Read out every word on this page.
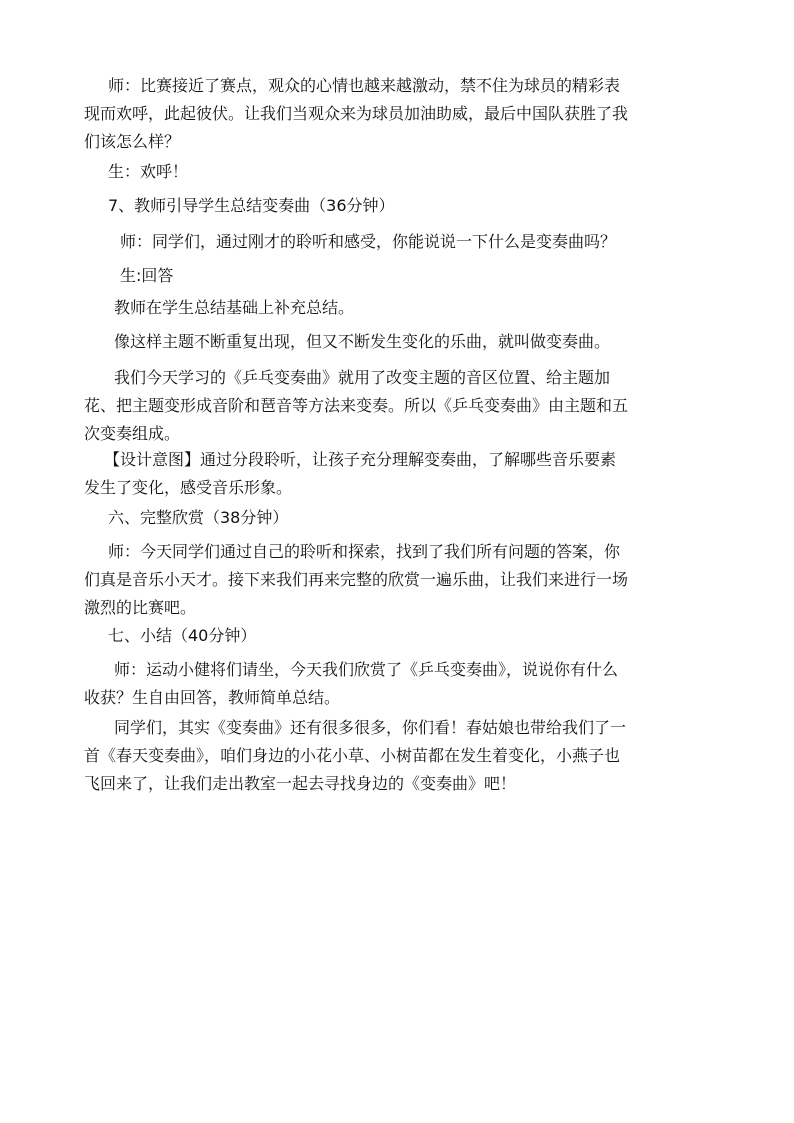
师：比赛接近了赛点，观众的心情也越来越激动，禁不住为球员的精彩表
现而欢呼，此起彼伏。让我们当观众来为球员加油助威，最后中国队获胜了我
们该怎么样？

生：欢呼！

7、教师引导学生总结变奏曲（36分钟）

师：同学们，通过刚才的聆听和感受，你能说说一下什么是变奏曲吗？

生:回答

教师在学生总结基础上补充总结。

像这样主题不断重复出现，但又不断发生变化的乐曲，就叫做变奏曲。

我们今天学习的《乒乓变奏曲》就用了改变主题的音区位置、给主题加
花、把主题变形成音阶和琶音等方法来变奏。所以《乒乓变奏曲》由主题和五
次变奏组成。

【设计意图】通过分段聆听，让孩子充分理解变奏曲，了解哪些音乐要素
发生了变化，感受音乐形象。

六、完整欣赏（38分钟）

师：今天同学们通过自己的聆听和探索，找到了我们所有问题的答案，你
们真是音乐小天才。接下来我们再来完整的欣赏一遍乐曲，让我们来进行一场
激烈的比赛吧。

七、小结（40分钟）

师：运动小健将们请坐，今天我们欣赏了《乒乓变奏曲》，说说你有什么
收获？生自由回答，教师简单总结。

同学们，其实《变奏曲》还有很多很多，你们看！春姑娘也带给我们了一
首《春天变奏曲》，咱们身边的小花小草、小树苗都在发生着变化，小燕子也
飞回来了，让我们走出教室一起去寻找身边的《变奏曲》吧！
